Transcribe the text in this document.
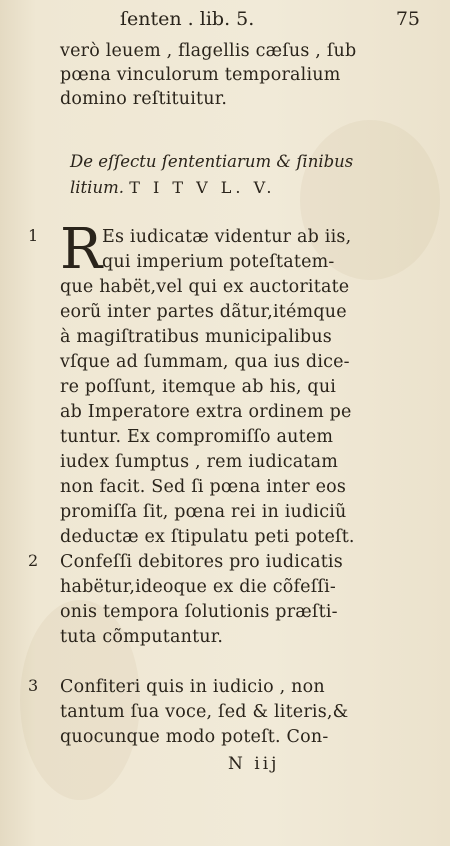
ſenten . lib. 5.	75
verò leuem , flagellis cæſus , ſub
pœna vinculorum temporalium
domino reſtituitur.
De eſſectu ſententiarum & ſinibus
litium. T I T V L. V.
1 R Es iudicatæ videntur ab iis,
qui imperium poteſtatem-
que habët,vel qui ex auctoritate
eorũ inter partes dãtur,itémque
à magiſtratibus municipalibus
vſque ad ſummam, qua ius dice-
re poſſunt, itemque ab his, qui
ab Imperatore extra ordinem pe
tuntur. Ex compromiſſo autem
iudex ſumptus , rem iudicatam
non facit. Sed ſi pœna inter eos
promiſſa ſit, pœna rei in iudiciũ
deductæ ex ſtipulatu peti poteſt.
2 Confeſſi debitores pro iudicatis
habëtur,ideoque ex die cõfeſſi-
onis tempora ſolutionis præſti-
tuta cõmputantur.
3 Confiteri quis in iudicio , non
tantum ſua voce, ſed & literis,&
quocunque modo poteſt. Con-
N iij
